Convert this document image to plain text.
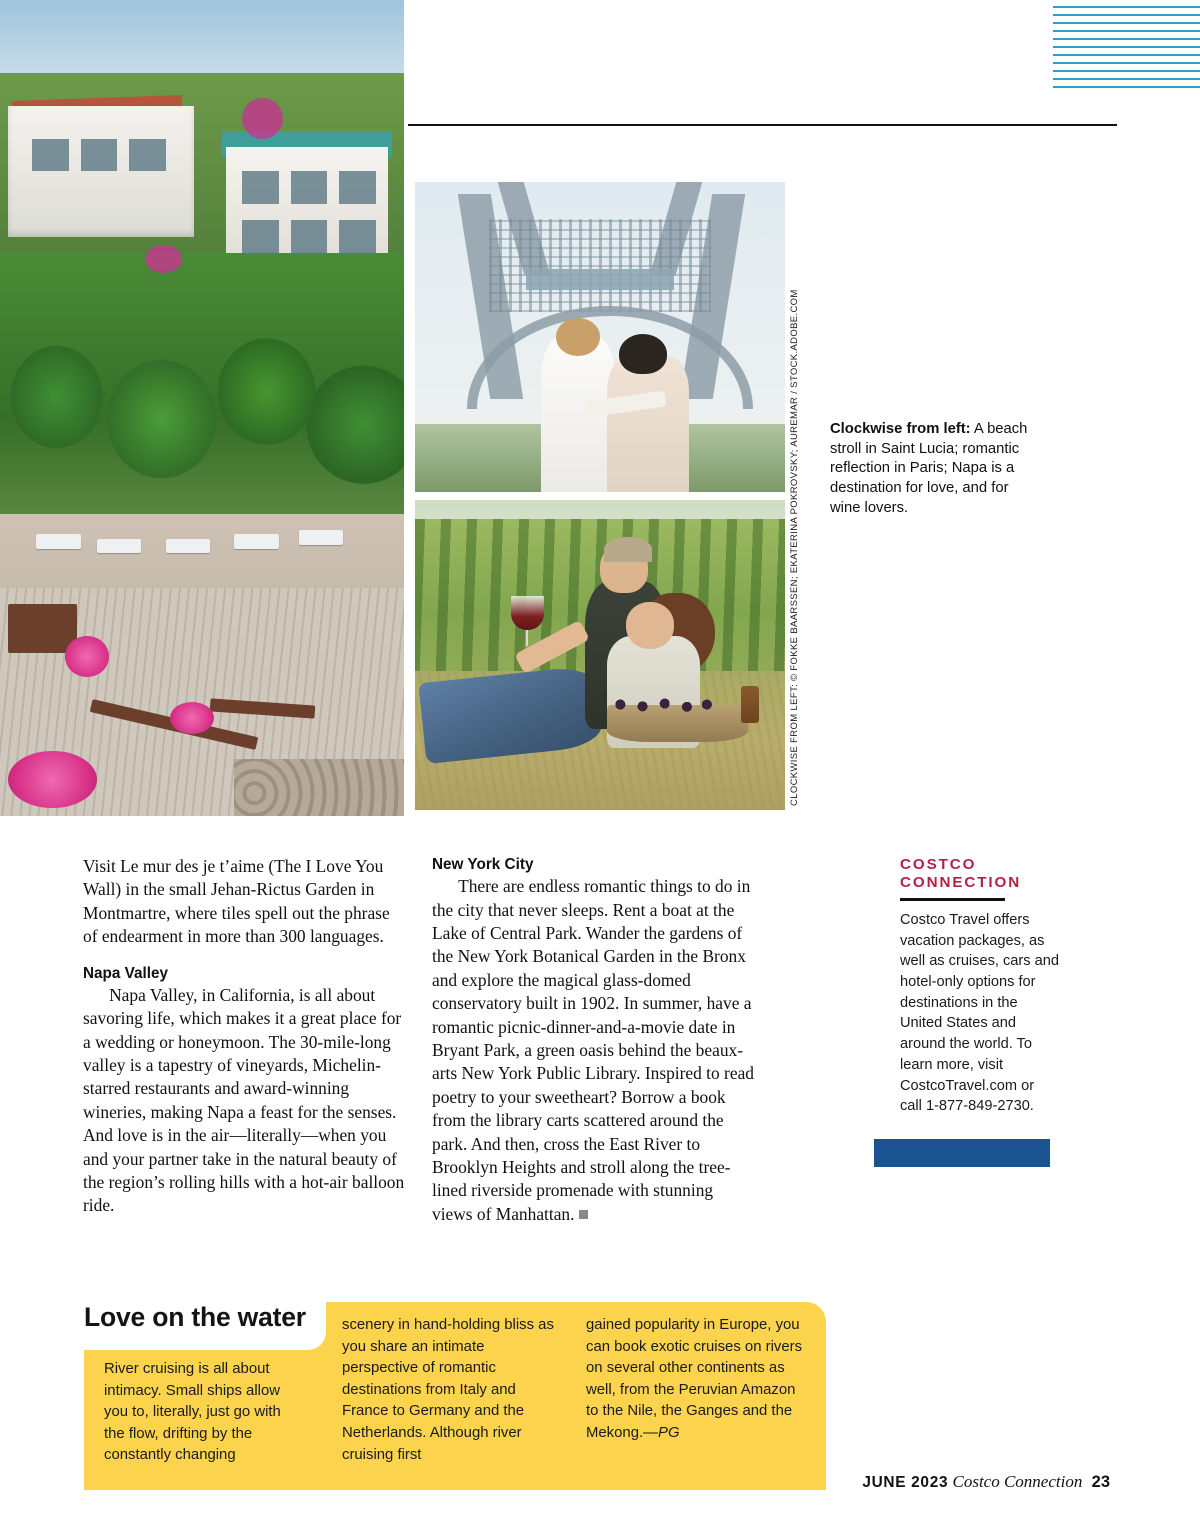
CLOCKWISE FROM LEFT: © FOKKE BAARSSEN; EKATERINA POKROVSKY; AUREMAR / STOCK.ADOBE.COM Clockwise from left: A beach stroll in Saint Lucia; romantic reflection in Paris; Napa is a destination for love, and for wine lovers.

Visit Le mur des je t’aime (The I Love You Wall) in the small Jehan-Rictus Garden in Montmartre, where tiles spell out the phrase of endearment in more than 300 languages.

Napa Valley

Napa Valley, in California, is all about savoring life, which makes it a great place for a wedding or honeymoon. The 30-mile-long valley is a tapestry of vineyards, Michelin-starred restaurants and award-winning wineries, making Napa a feast for the senses. And love is in the air—literally—when you and your partner take in the natural beauty of the region’s rolling hills with a hot-air balloon ride.

New York City

There are endless romantic things to do in the city that never sleeps. Rent a boat at the Lake of Central Park. Wander the gardens of the New York Botanical Garden in the Bronx and explore the magical glass-domed conservatory built in 1902. In summer, have a romantic picnic-dinner-and-a-movie date in Bryant Park, a green oasis behind the beaux-arts New York Public Library. Inspired to read poetry to your sweetheart? Borrow a book from the library carts scattered around the park. And then, cross the East River to Brooklyn Heights and stroll along the tree-lined riverside promenade with stunning views of Manhattan.

COSTCO
CONNECTION
Costco Travel offers vacation packages, as well as cruises, cars and hotel-only options for destinations in the United States and around the world. To learn more, visit CostcoTravel.com or call 1-877-849-2730.
Love on the water
River cruising is all about intimacy. Small ships allow you to, literally, just go with the flow, drifting by the constantly changing
scenery in hand-holding bliss as you share an intimate perspective of romantic destinations from Italy and France to Germany and the Netherlands. Although river cruising first
gained popularity in Europe, you can book exotic cruises on rivers on several other continents as well, from the Peruvian Amazon to the Nile, the Ganges and the Mekong.—PG
JUNE 2023 Costco Connection 23
